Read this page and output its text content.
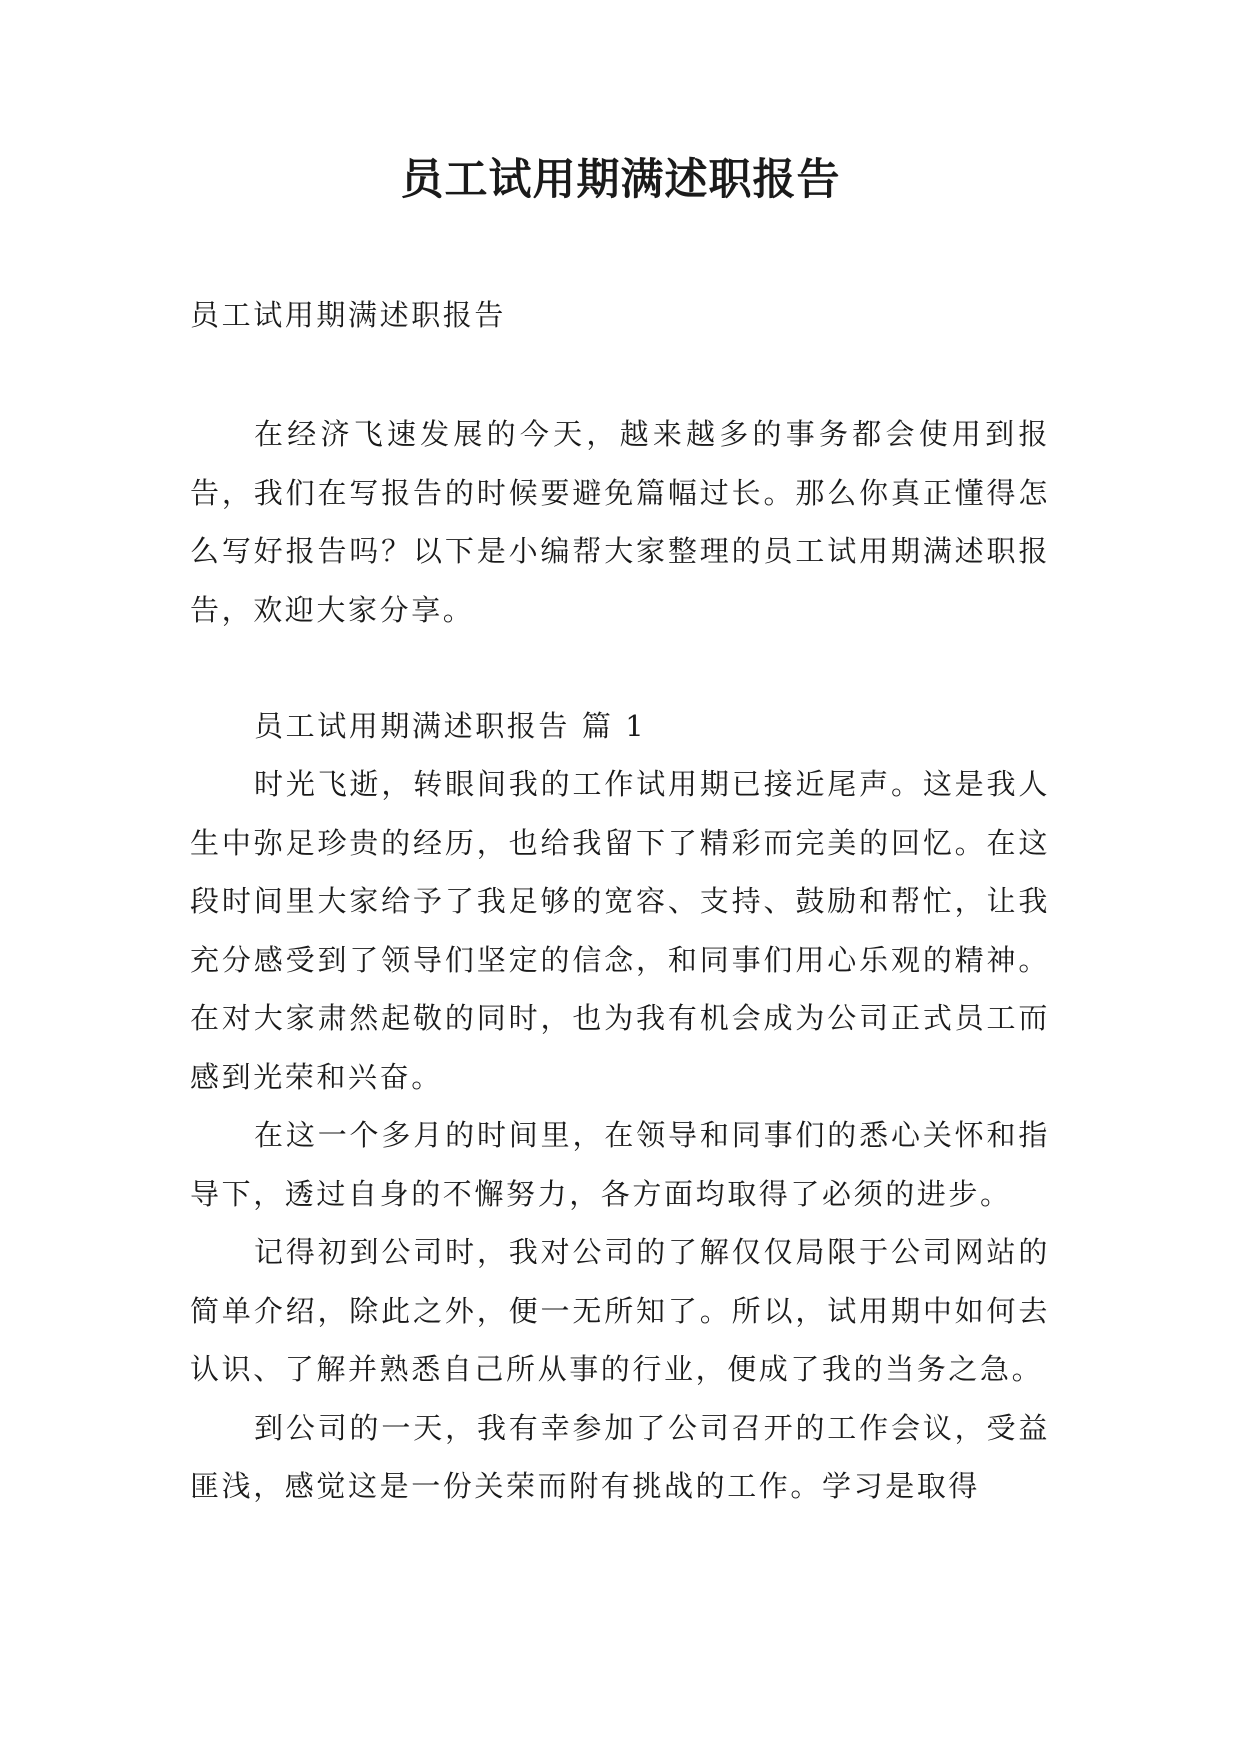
员工试用期满述职报告

员工试用期满述职报告

在经济飞速发展的今天，越来越多的事务都会使用到报告，我们在写报告的时候要避免篇幅过长。那么你真正懂得怎么写好报告吗？以下是小编帮大家整理的员工试用期满述职报告，欢迎大家分享。

员工试用期满述职报告 篇 1

时光飞逝，转眼间我的工作试用期已接近尾声。这是我人生中弥足珍贵的经历，也给我留下了精彩而完美的回忆。在这段时间里大家给予了我足够的宽容、支持、鼓励和帮忙，让我充分感受到了领导们坚定的信念，和同事们用心乐观的精神。在对大家肃然起敬的同时，也为我有机会成为公司正式员工而感到光荣和兴奋。

在这一个多月的时间里，在领导和同事们的悉心关怀和指导下，透过自身的不懈努力，各方面均取得了必须的进步。

记得初到公司时，我对公司的了解仅仅局限于公司网站的简单介绍，除此之外，便一无所知了。所以，试用期中如何去认识、了解并熟悉自己所从事的行业，便成了我的当务之急。

到公司的一天，我有幸参加了公司召开的工作会议，受益匪浅，感觉这是一份关荣而附有挑战的工作。学习是取得
